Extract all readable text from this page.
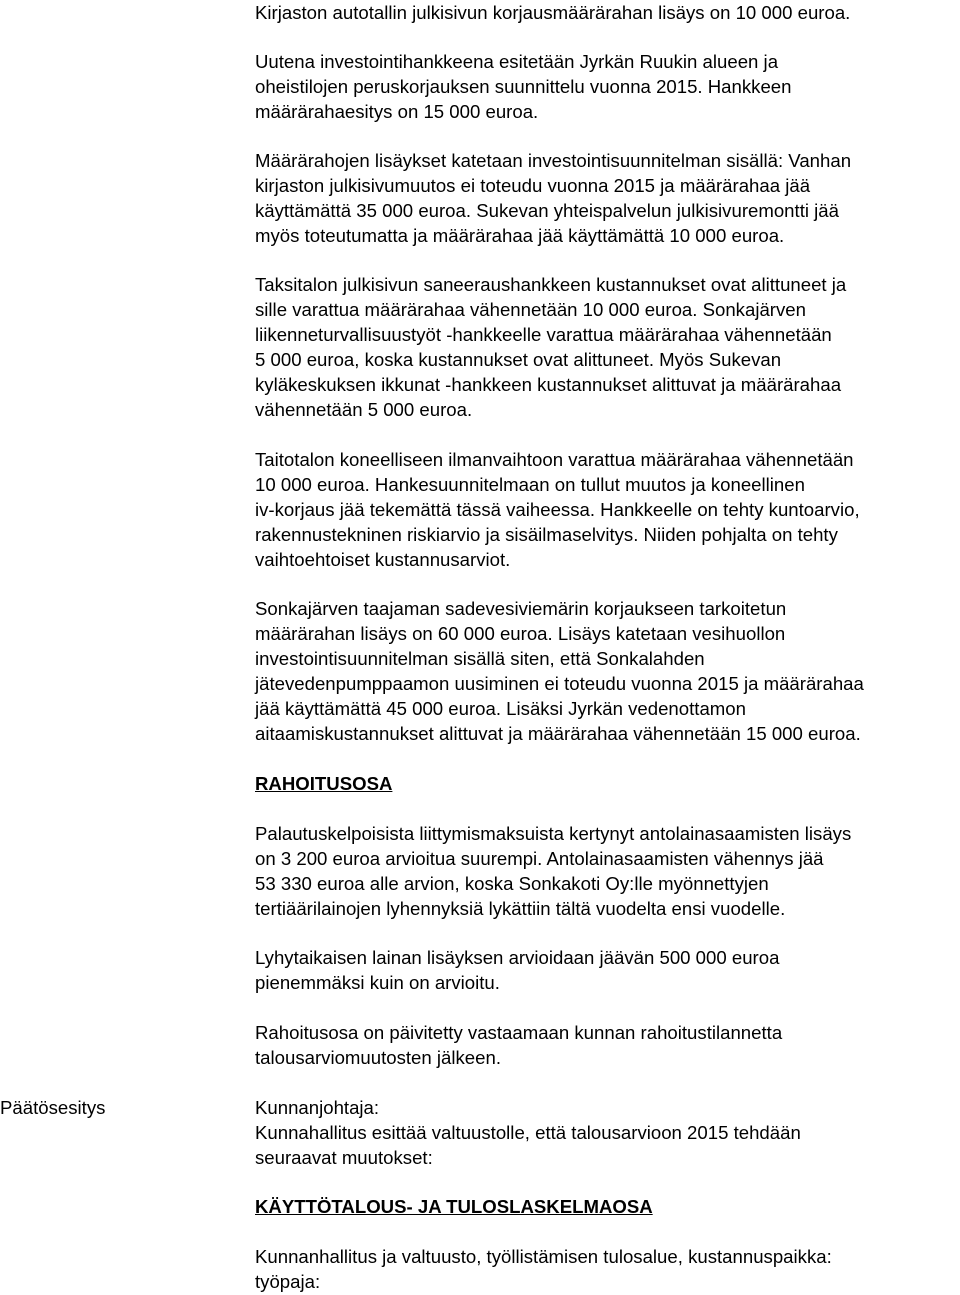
Kirjaston autotallin julkisivun korjausmäärärahan lisäys on 10 000 euroa.
Uutena investointihankkeena esitetään Jyrkän Ruukin alueen ja
oheistilojen peruskorjauksen suunnittelu vuonna 2015. Hankkeen
määrärahaesitys on 15 000 euroa.
Määrärahojen lisäykset katetaan investointisuunnitelman sisällä: Vanhan
kirjaston julkisivumuutos ei toteudu vuonna 2015 ja määrärahaa jää
käyttämättä 35 000 euroa. Sukevan yhteispalvelun julkisivuremontti jää
myös toteutumatta ja määrärahaa jää käyttämättä 10 000 euroa.
Taksitalon julkisivun saneeraushankkeen kustannukset ovat alittuneet ja
sille varattua määrärahaa vähennetään 10 000 euroa. Sonkajärven
liikenneturvallisuustyöt -hankkeelle varattua määrärahaa vähennetään
5 000 euroa, koska kustannukset ovat alittuneet. Myös Sukevan
kyläkeskuksen ikkunat -hankkeen kustannukset alittuvat ja määrärahaa
vähennetään 5 000 euroa.
Taitotalon koneelliseen ilmanvaihtoon varattua määrärahaa vähennetään
10 000 euroa. Hankesuunnitelmaan on tullut muutos ja koneellinen
iv-korjaus jää tekemättä tässä vaiheessa. Hankkeelle on tehty kuntoarvio,
rakennustekninen riskiarvio ja sisäilmaselvitys. Niiden pohjalta on tehty
vaihtoehtoiset kustannusarviot.
Sonkajärven taajaman sadevesiviemärin korjaukseen tarkoitetun
määrärahan lisäys on 60 000 euroa. Lisäys katetaan vesihuollon
investointisuunnitelman sisällä siten, että Sonkalahden
jätevedenpumppaamon uusiminen ei toteudu vuonna 2015 ja määrärahaa
jää käyttämättä 45 000 euroa. Lisäksi Jyrkän vedenottamon
aitaamiskustannukset alittuvat ja määrärahaa vähennetään 15 000 euroa.
RAHOITUSOSA
Palautuskelpoisista liittymismaksuista kertynyt antolainasaamisten lisäys
on 3 200 euroa arvioitua suurempi. Antolainasaamisten vähennys jää
53 330 euroa alle arvion, koska Sonkakoti Oy:lle myönnettyjen
tertiäärilainojen lyhennyksiä lykättiin tältä vuodelta ensi vuodelle.
Lyhytaikaisen lainan lisäyksen arvioidaan jäävän 500 000 euroa
pienemmäksi kuin on arvioitu.
Rahoitusosa on päivitetty vastaamaan kunnan rahoitustilannetta
talousarviomuutosten jälkeen.
Kunnanjohtaja:
Kunnahallitus esittää valtuustolle, että talousarvioon 2015 tehdään
seuraavat muutokset:
KÄYTTÖTALOUS- JA TULOSLASKELMAOSA
Kunnanhallitus ja valtuusto, työllistämisen tulosalue, kustannuspaikka:
työpaja:
Päätösesitys
